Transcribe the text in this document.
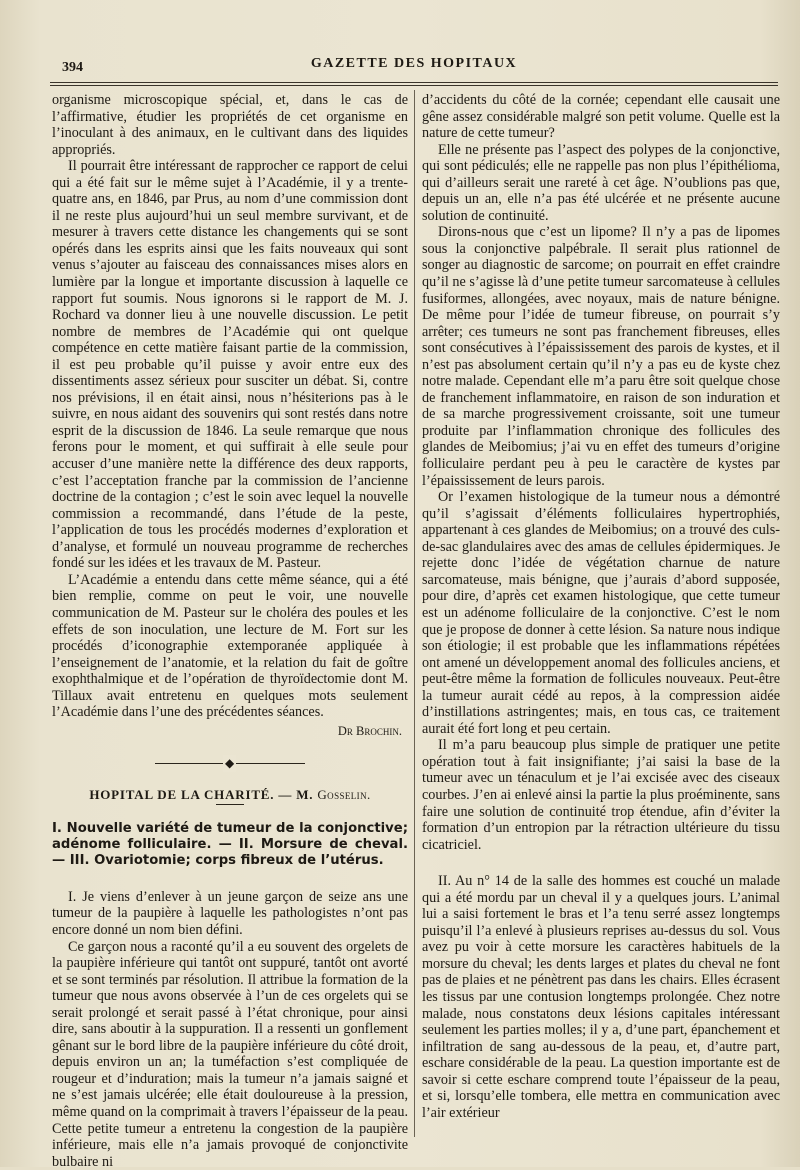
394	GAZETTE DES HOPITAUX

organisme microscopique spécial, et, dans le cas de l’affirmative, étudier les propriétés de cet organisme en l’inoculant à des animaux, en le cultivant dans des liquides appropriés.

Il pourrait être intéressant de rapprocher ce rapport de celui qui a été fait sur le même sujet à l’Académie, il y a trente-quatre ans, en 1846, par Prus, au nom d’une commission dont il ne reste plus aujourd’hui un seul membre survivant, et de mesurer à travers cette distance les changements qui se sont opérés dans les esprits ainsi que les faits nouveaux qui sont venus s’ajouter au faisceau des connaissances mises alors en lumière par la longue et importante discussion à laquelle ce rapport fut soumis. Nous ignorons si le rapport de M. J. Rochard va donner lieu à une nouvelle discussion. Le petit nombre de membres de l’Académie qui ont quelque compétence en cette matière faisant partie de la commission, il est peu probable qu’il puisse y avoir entre eux des dissentiments assez sérieux pour susciter un débat. Si, contre nos prévisions, il en était ainsi, nous n’hésiterions pas à le suivre, en nous aidant des souvenirs qui sont restés dans notre esprit de la discussion de 1846. La seule remarque que nous ferons pour le moment, et qui suffirait à elle seule pour accuser d’une manière nette la différence des deux rapports, c’est l’acceptation franche par la commission de l’ancienne doctrine de la contagion ; c’est le soin avec lequel la nouvelle commission a recommandé, dans l’étude de la peste, l’application de tous les procédés modernes d’exploration et d’analyse, et formulé un nouveau programme de recherches fondé sur les idées et les travaux de M. Pasteur.

L’Académie a entendu dans cette même séance, qui a été bien remplie, comme on peut le voir, une nouvelle communication de M. Pasteur sur le choléra des poules et les effets de son inoculation, une lecture de M. Fort sur les procédés d’iconographie extemporanée appliquée à l’enseignement de l’anatomie, et la relation du fait de goître exophthalmique et de l’opération de thyroïdectomie dont M. Tillaux avait entretenu en quelques mots seulement l’Académie dans l’une des précédentes séances.

Dr Brochin.

◆

HOPITAL DE LA CHARITÉ. — M. Gosselin.

I. Nouvelle variété de tumeur de la conjonctive; adénome folliculaire. — II. Morsure de cheval. — III. Ovariotomie; corps fibreux de l’utérus.

I. Je viens d’enlever à un jeune garçon de seize ans une tumeur de la paupière à laquelle les pathologistes n’ont pas encore donné un nom bien défini.

Ce garçon nous a raconté qu’il a eu souvent des orgelets de la paupière inférieure qui tantôt ont suppuré, tantôt ont avorté et se sont terminés par résolution. Il attribue la formation de la tumeur que nous avons observée à l’un de ces orgelets qui se serait prolongé et serait passé à l’état chronique, pour ainsi dire, sans aboutir à la suppuration. Il a ressenti un gonflement gênant sur le bord libre de la paupière inférieure du côté droit, depuis environ un an; la tuméfaction s’est compliquée de rougeur et d’induration; mais la tumeur n’a jamais saigné et ne s’est jamais ulcérée; elle était douloureuse à la pression, même quand on la comprimait à travers l’épaisseur de la peau. Cette petite tumeur a entretenu la congestion de la paupière inférieure, mais elle n’a jamais provoqué de conjonctivite bulbaire ni

d’accidents du côté de la cornée; cependant elle causait une gêne assez considérable malgré son petit volume. Quelle est la nature de cette tumeur?

Elle ne présente pas l’aspect des polypes de la conjonctive, qui sont pédiculés; elle ne rappelle pas non plus l’épithélioma, qui d’ailleurs serait une rareté à cet âge. N’oublions pas que, depuis un an, elle n’a pas été ulcérée et ne présente aucune solution de continuité.

Dirons-nous que c’est un lipome? Il n’y a pas de lipomes sous la conjonctive palpébrale. Il serait plus rationnel de songer au diagnostic de sarcome; on pourrait en effet craindre qu’il ne s’agisse là d’une petite tumeur sarcomateuse à cellules fusiformes, allongées, avec noyaux, mais de nature bénigne. De même pour l’idée de tumeur fibreuse, on pourrait s’y arrêter; ces tumeurs ne sont pas franchement fibreuses, elles sont consécutives à l’épaississement des parois de kystes, et il n’est pas absolument certain qu’il n’y a pas eu de kyste chez notre malade. Cependant elle m’a paru être soit quelque chose de franchement inflammatoire, en raison de son induration et de sa marche progressivement croissante, soit une tumeur produite par l’inflammation chronique des follicules des glandes de Meibomius; j’ai vu en effet des tumeurs d’origine folliculaire perdant peu à peu le caractère de kystes par l’épaississement de leurs parois.

Or l’examen histologique de la tumeur nous a démontré qu’il s’agissait d’éléments folliculaires hypertrophiés, appartenant à ces glandes de Meibomius; on a trouvé des culs-de-sac glandulaires avec des amas de cellules épidermiques. Je rejette donc l’idée de végétation charnue de nature sarcomateuse, mais bénigne, que j’aurais d’abord supposée, pour dire, d’après cet examen histologique, que cette tumeur est un adénome folliculaire de la conjonctive. C’est le nom que je propose de donner à cette lésion. Sa nature nous indique son étiologie; il est probable que les inflammations répétées ont amené un développement anomal des follicules anciens, et peut-être même la formation de follicules nouveaux. Peut-être la tumeur aurait cédé au repos, à la compression aidée d’instillations astringentes; mais, en tous cas, ce traitement aurait été fort long et peu certain.

Il m’a paru beaucoup plus simple de pratiquer une petite opération tout à fait insignifiante; j’ai saisi la base de la tumeur avec un ténaculum et je l’ai excisée avec des ciseaux courbes. J’en ai enlevé ainsi la partie la plus proéminente, sans faire une solution de continuité trop étendue, afin d’éviter la formation d’un entropion par la rétraction ultérieure du tissu cicatriciel.

II. Au n° 14 de la salle des hommes est couché un malade qui a été mordu par un cheval il y a quelques jours. L’animal lui a saisi fortement le bras et l’a tenu serré assez longtemps puisqu’il l’a enlevé à plusieurs reprises au-dessus du sol. Vous avez pu voir à cette morsure les caractères habituels de la morsure du cheval; les dents larges et plates du cheval ne font pas de plaies et ne pénètrent pas dans les chairs. Elles écrasent les tissus par une contusion longtemps prolongée. Chez notre malade, nous constatons deux lésions capitales intéressant seulement les parties molles; il y a, d’une part, épanchement et infiltration de sang au-dessous de la peau, et, d’autre part, eschare considérable de la peau. La question importante est de savoir si cette eschare comprend toute l’épaisseur de la peau, et si, lorsqu’elle tombera, elle mettra en communication avec l’air extérieur
